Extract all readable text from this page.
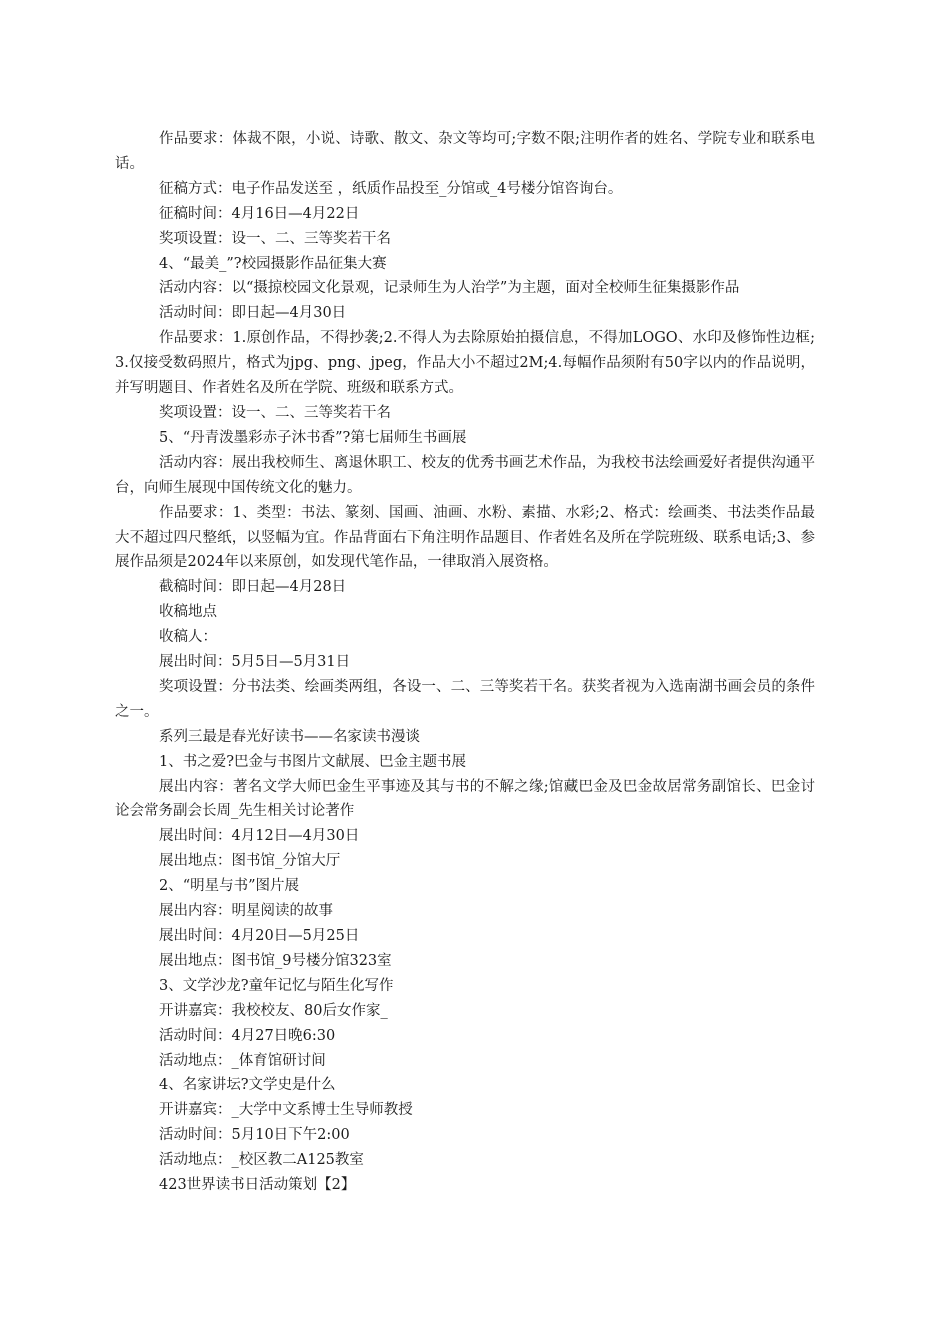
作品要求：体裁不限，小说、诗歌、散文、杂文等均可;字数不限;注明作者的姓名、学院专业和联系电话。

征稿方式：电子作品发送至 ，纸质作品投至_分馆或_4号楼分馆咨询台。

征稿时间：4月16日—4月22日

奖项设置：设一、二、三等奖若干名

4、“最美_”?校园摄影作品征集大赛

活动内容：以“摄掠校园文化景观，记录师生为人治学”为主题，面对全校师生征集摄影作品

活动时间：即日起—4月30日

作品要求：1.原创作品，不得抄袭;2.不得人为去除原始拍摄信息，不得加LOGO、水印及修饰性边框;3.仅接受数码照片，格式为jpg、png、jpeg，作品大小不超过2M;4.每幅作品须附有50字以内的作品说明，并写明题目、作者姓名及所在学院、班级和联系方式。

奖项设置：设一、二、三等奖若干名

5、“丹青泼墨彩赤子沐书香”?第七届师生书画展

活动内容：展出我校师生、离退休职工、校友的优秀书画艺术作品，为我校书法绘画爱好者提供沟通平台，向师生展现中国传统文化的魅力。

作品要求：1、类型：书法、篆刻、国画、油画、水粉、素描、水彩;2、格式：绘画类、书法类作品最大不超过四尺整纸，以竖幅为宜。作品背面右下角注明作品题目、作者姓名及所在学院班级、联系电话;3、参展作品须是2024年以来原创，如发现代笔作品，一律取消入展资格。

截稿时间：即日起—4月28日

收稿地点

收稿人：

展出时间：5月5日—5月31日

奖项设置：分书法类、绘画类两组，各设一、二、三等奖若干名。获奖者视为入选南湖书画会员的条件之一。

系列三最是春光好读书——名家读书漫谈

1、书之爱?巴金与书图片文献展、巴金主题书展

展出内容：著名文学大师巴金生平事迹及其与书的不解之缘;馆藏巴金及巴金故居常务副馆长、巴金讨论会常务副会长周_先生相关讨论著作

展出时间：4月12日—4月30日

展出地点：图书馆_分馆大厅

2、“明星与书”图片展

展出内容：明星阅读的故事

展出时间：4月20日—5月25日

展出地点：图书馆_9号楼分馆323室

3、文学沙龙?童年记忆与陌生化写作

开讲嘉宾：我校校友、80后女作家_

活动时间：4月27日晚6:30

活动地点：_体育馆研讨间

4、名家讲坛?文学史是什么

开讲嘉宾：_大学中文系博士生导师教授

活动时间：5月10日下午2:00

活动地点：_校区教二A125教室

423世界读书日活动策划【2】
